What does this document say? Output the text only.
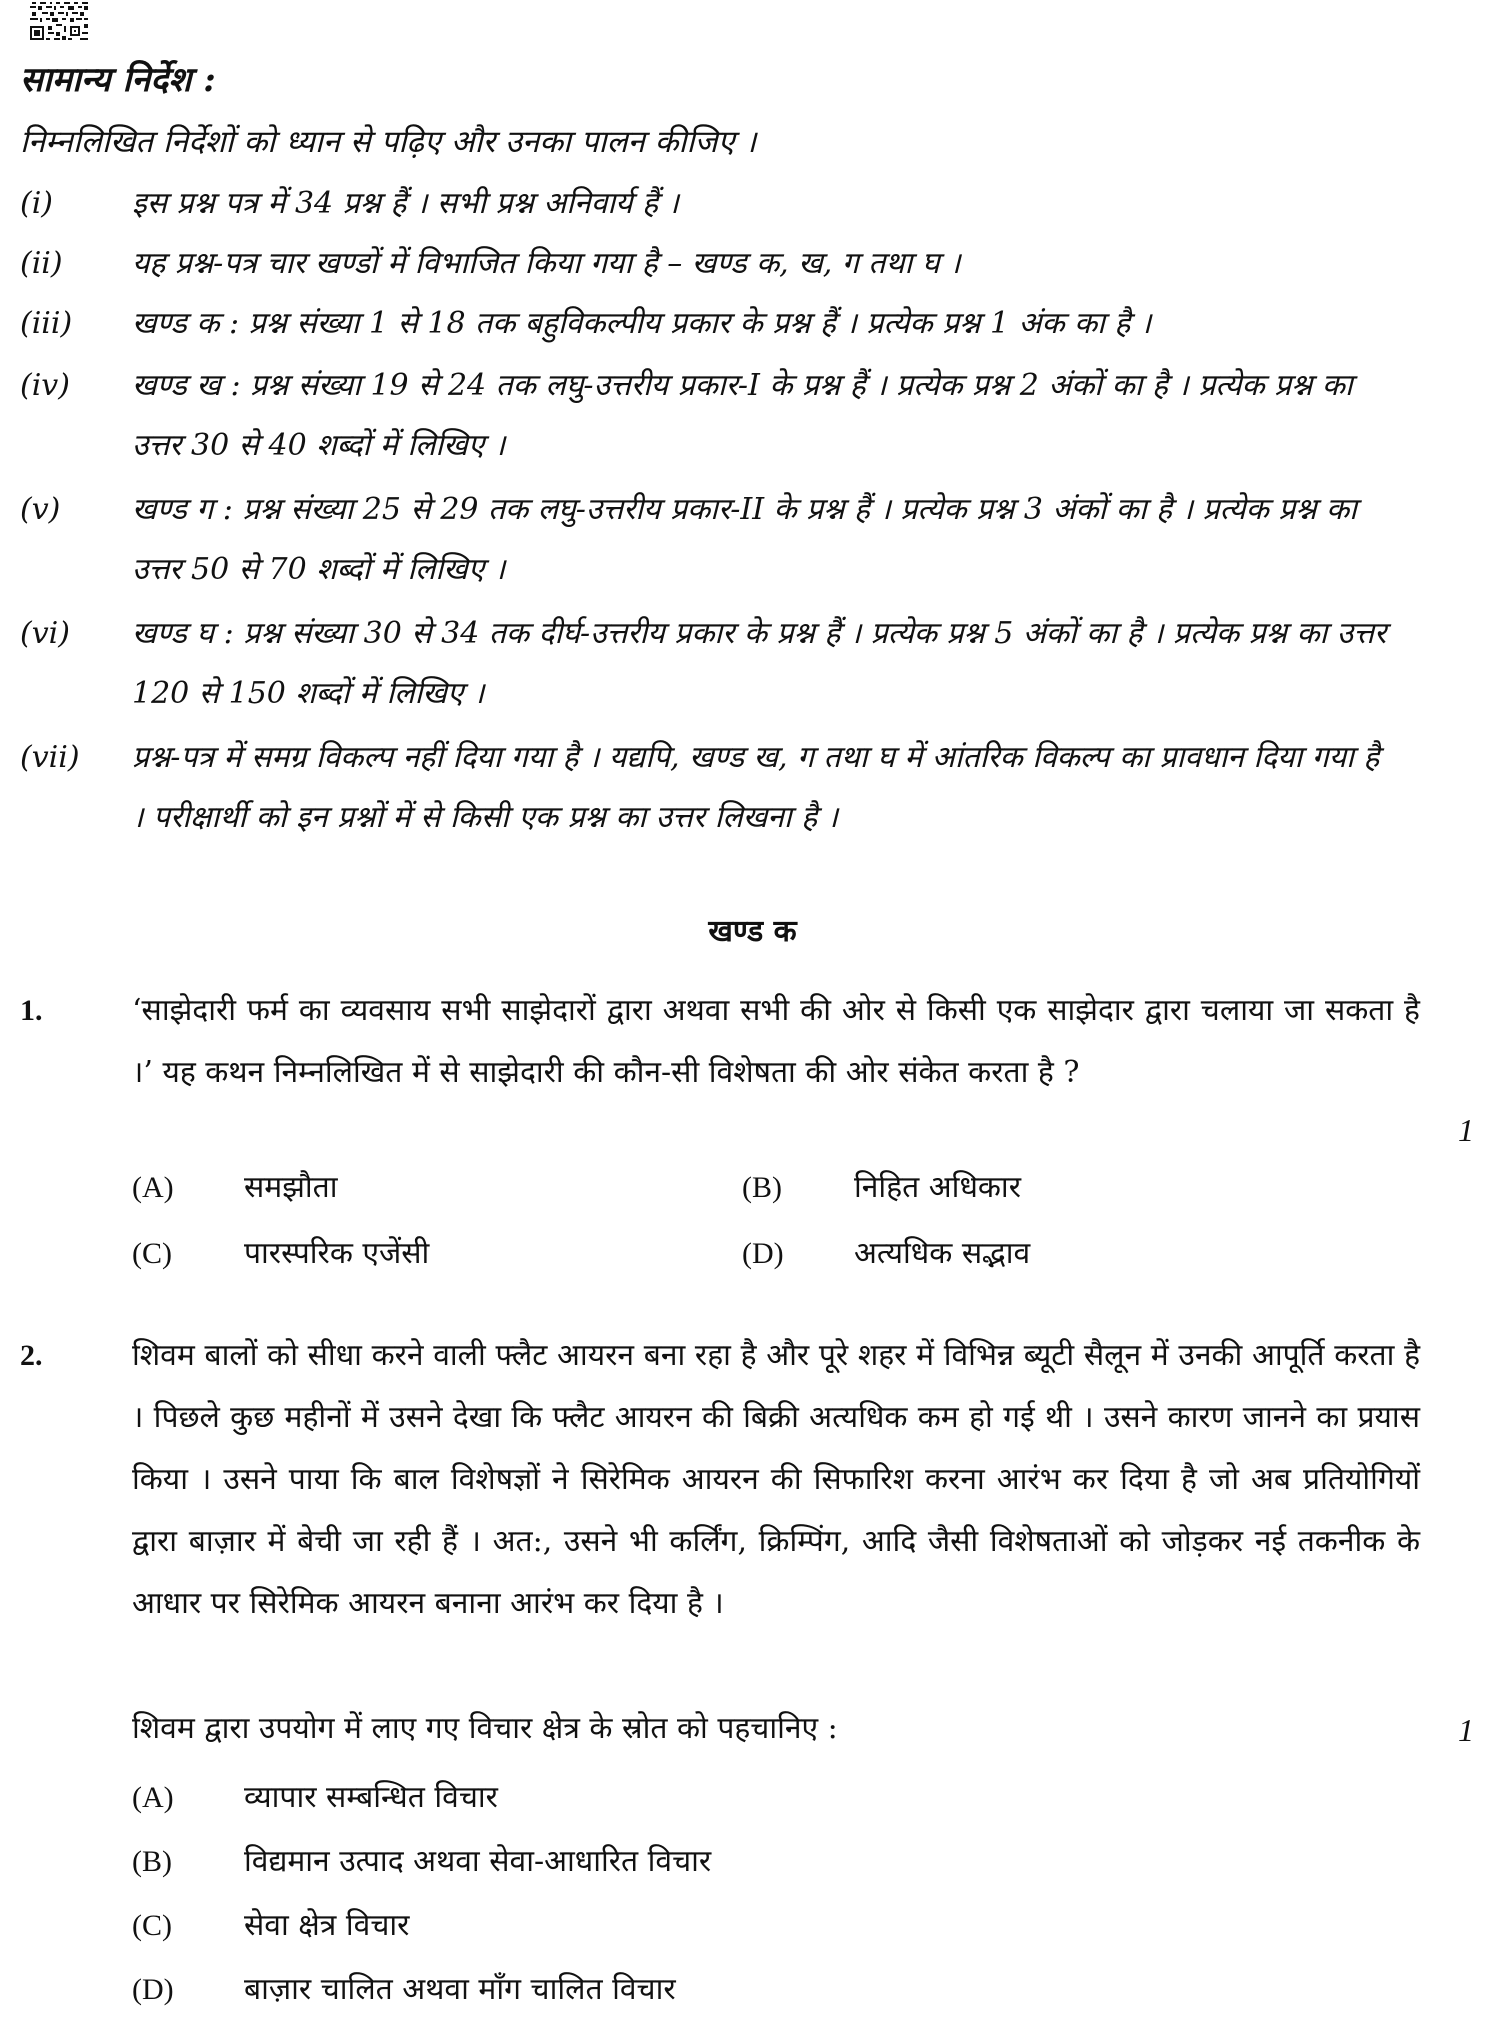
सामान्य निर्देश :
निम्नलिखित निर्देशों को ध्यान से पढ़िए और उनका पालन कीजिए ।
(i)	इस प्रश्न पत्र में 34 प्रश्न हैं । सभी प्रश्न अनिवार्य हैं ।
(ii) यह प्रश्न-पत्र चार खण्डों में विभाजित किया गया है – खण्ड क, ख, ग तथा घ ।
(iii) खण्ड क : प्रश्न संख्या 1 से 18 तक बहुविकल्पीय प्रकार के प्रश्न हैं । प्रत्येक प्रश्न 1 अंक का है ।
(iv) खण्ड ख : प्रश्न संख्या 19 से 24 तक लघु-उत्तरीय प्रकार-I के प्रश्न हैं । प्रत्येक प्रश्न 2 अंकों का है । प्रत्येक प्रश्न का उत्तर 30 से 40 शब्दों में लिखिए ।
(v) खण्ड ग : प्रश्न संख्या 25 से 29 तक लघु-उत्तरीय प्रकार-II के प्रश्न हैं । प्रत्येक प्रश्न 3 अंकों का है । प्रत्येक प्रश्न का उत्तर 50 से 70 शब्दों में लिखिए ।
(vi) खण्ड घ : प्रश्न संख्या 30 से 34 तक दीर्घ-उत्तरीय प्रकार के प्रश्न हैं । प्रत्येक प्रश्न 5 अंकों का है । प्रत्येक प्रश्न का उत्तर 120 से 150 शब्दों में लिखिए ।
(vii) प्रश्न-पत्र में समग्र विकल्प नहीं दिया गया है । यद्यपि, खण्ड ख, ग तथा घ में आंतरिक विकल्प का प्रावधान दिया गया है । परीक्षार्थी को इन प्रश्नों में से किसी एक प्रश्न का उत्तर लिखना है ।
खण्ड क
1.	‘साझेदारी फर्म का व्यवसाय सभी साझेदारों द्वारा अथवा सभी की ओर से किसी एक साझेदार द्वारा चलाया जा सकता है ।’ यह कथन निम्नलिखित में से साझेदारी की कौन-सी विशेषता की ओर संकेत करता है ?
1
(A) समझौता	(B) निहित अधिकार
(C) पारस्परिक एजेंसी	(D) अत्यधिक सद्भाव
2.	शिवम बालों को सीधा करने वाली फ्लैट आयरन बना रहा है और पूरे शहर में विभिन्न ब्यूटी सैलून में उनकी आपूर्ति करता है । पिछले कुछ महीनों में उसने देखा कि फ्लैट आयरन की बिक्री अत्यधिक कम हो गई थी । उसने कारण जानने का प्रयास किया । उसने पाया कि बाल विशेषज्ञों ने सिरेमिक आयरन की सिफारिश करना आरंभ कर दिया है जो अब प्रतियोगियों द्वारा बाज़ार में बेची जा रही हैं । अत:, उसने भी कर्लिंग, क्रिम्पिंग, आदि जैसी विशेषताओं को जोड़कर नई तकनीक के आधार पर सिरेमिक आयरन बनाना आरंभ कर दिया है ।
शिवम द्वारा उपयोग में लाए गए विचार क्षेत्र के स्रोत को पहचानिए :	1
(A) व्यापार सम्बन्धित विचार
(B) विद्यमान उत्पाद अथवा सेवा-आधारित विचार
(C) सेवा क्षेत्र विचार
(D) बाज़ार चालित अथवा माँग चालित विचार
